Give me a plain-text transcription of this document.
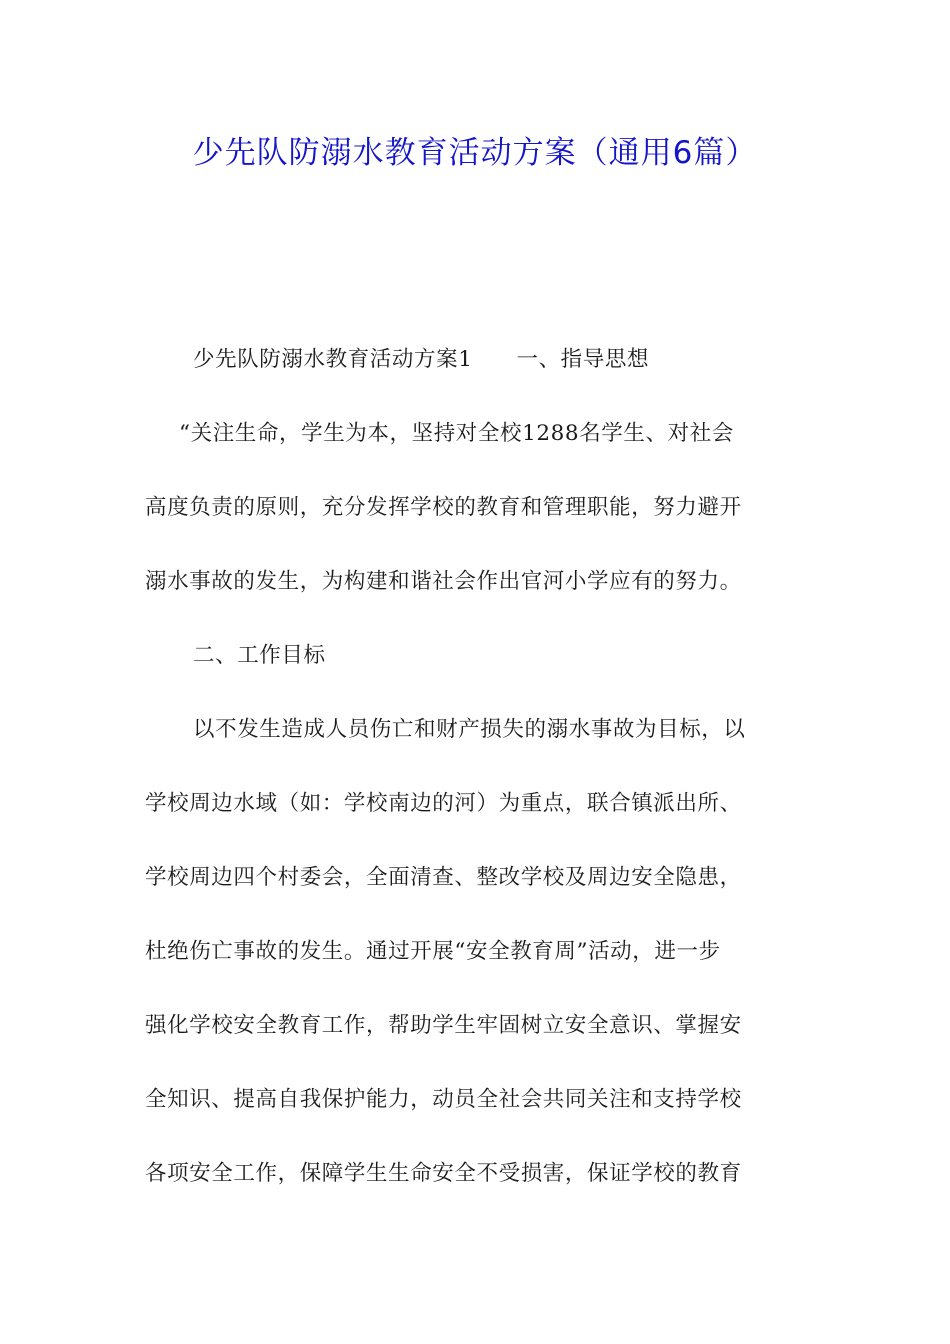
少先队防溺水教育活动方案（通用6篇）
少先队防溺水教育活动方案1 一、指导思想
“关注生命，学生为本，坚持对全校1288名学生、对社会
高度负责的原则，充分发挥学校的教育和管理职能，努力避开
溺水事故的发生，为构建和谐社会作出官河小学应有的努力。
二、工作目标
以不发生造成人员伤亡和财产损失的溺水事故为目标，以
学校周边水域（如：学校南边的河）为重点，联合镇派出所、
学校周边四个村委会，全面清查、整改学校及周边安全隐患，
杜绝伤亡事故的发生。通过开展“安全教育周”活动，进一步
强化学校安全教育工作，帮助学生牢固树立安全意识、掌握安
全知识、提高自我保护能力，动员全社会共同关注和支持学校
各项安全工作，保障学生生命安全不受损害，保证学校的教育
